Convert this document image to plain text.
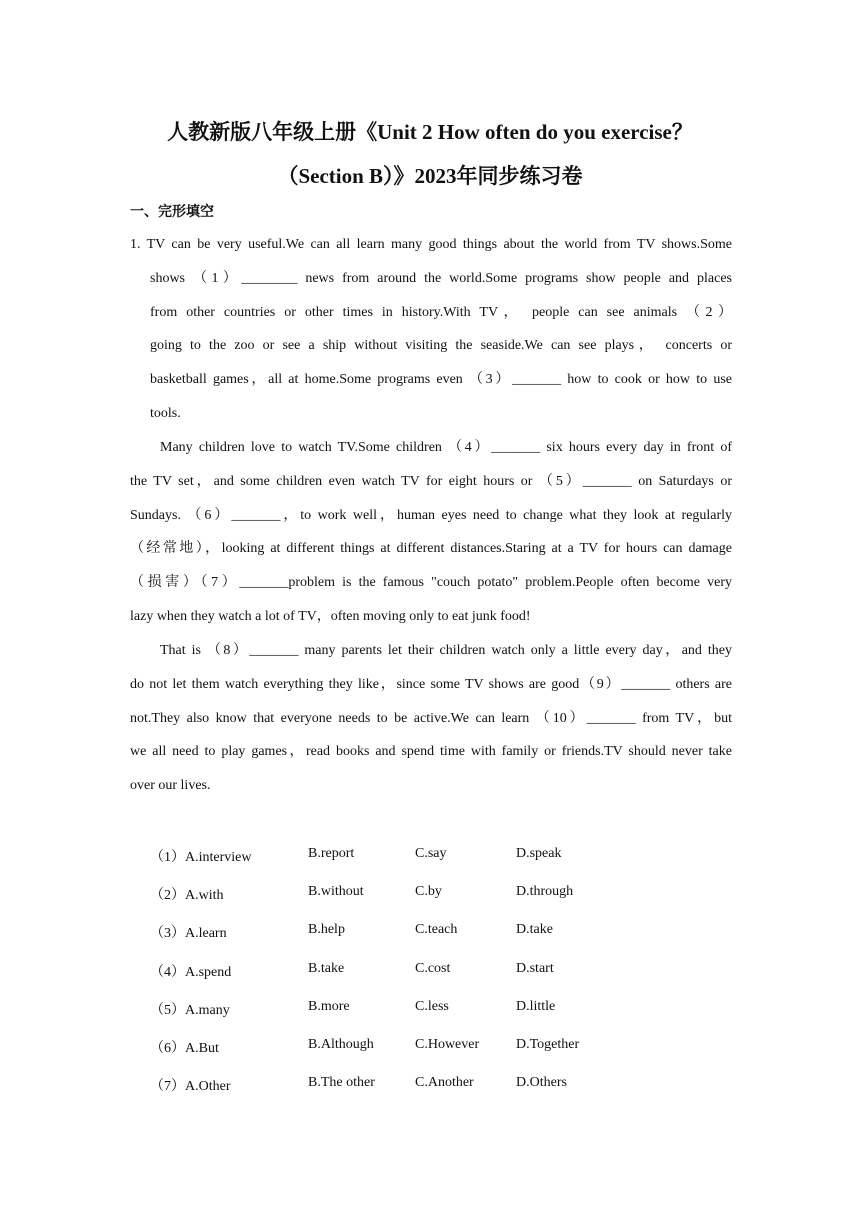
人教新版八年级上册《Unit 2 How often do you exercise？
（Section B）》2023年同步练习卷
一、完形填空
1. TV can be very useful.We can all learn many good things about the world from TV shows.Some
shows （1）________ news from around the world.Some programs show people and places
from other countries or other times in history.With TV， people can see animals （2）
going to the zoo or see a ship without visiting the seaside.We can see plays， concerts or
basketball games，all at home.Some programs even （3）_______ how to cook or how to use
tools.
Many children love to watch TV.Some children （4）_______ six hours every day in front of
the TV set，and some children even watch TV for eight hours or （5）_______ on Saturdays or
Sundays. （6）_______，to work well，human eyes need to change what they look at regularly
（经常地），looking at different things at different distances.Staring at a TV for hours can damage
（损害）（7）_______problem is the famous "couch potato" problem.People often become very
lazy when they watch a lot of TV，often moving only to eat junk food!
That is （8）_______ many parents let their children watch only a little every day，and they
do not let them watch everything they like，since some TV shows are good（9）_______ others are
not.They also know that everyone needs to be active.We can learn （10）_______ from TV，but
we all need to play games，read books and spend time with family or friends.TV should never take
over our lives.
（1）A.interview	B.report	C.say	D.speak
（2）A.with	B.without	C.by	D.through
（3）A.learn	B.help	C.teach	D.take
（4）A.spend	B.take	C.cost	D.start
（5）A.many	B.more	C.less	D.little
（6）A.But	B.Although	C.However	D.Together
（7）A.Other	B.The other	C.Another	D.Others
